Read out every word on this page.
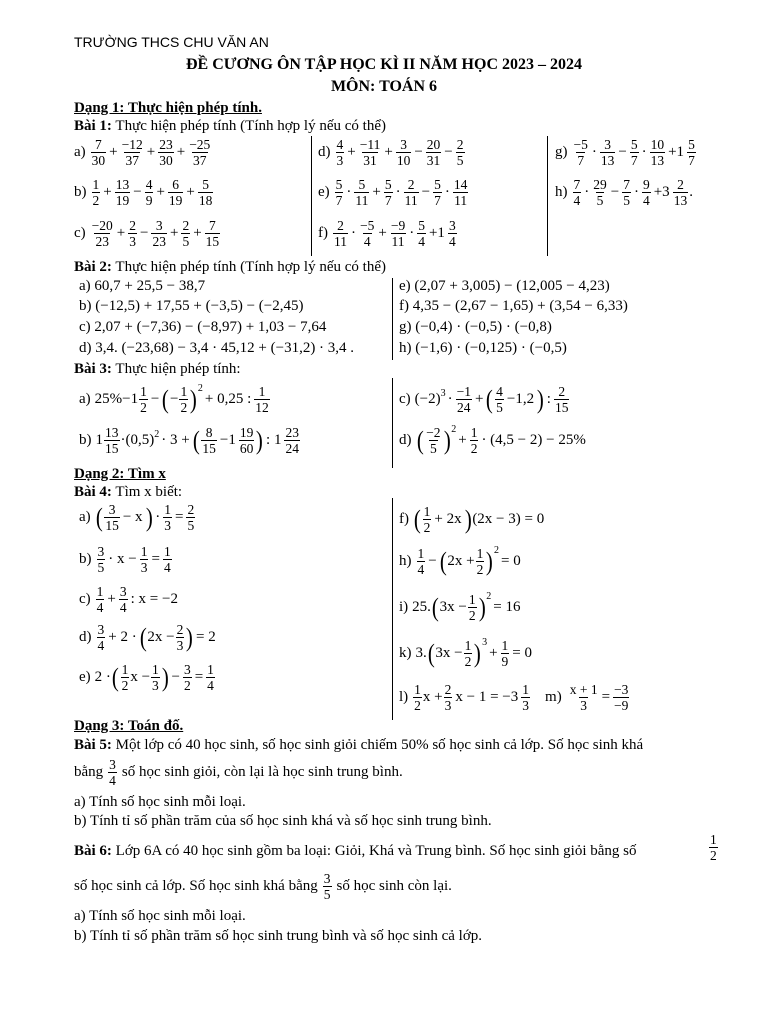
TRƯỜNG THCS CHU VĂN AN
ĐỀ CƯƠNG ÔN TẬP HỌC KÌ II NĂM HỌC 2023 – 2024
MÔN: TOÁN 6
Dạng 1: Thực hiện phép tính.
Bài 1: Thực hiện phép tính (Tính hợp lý nếu có thể)
a) 7
30
+ $\frac{-12}{37} + \frac{23}{30} + \frac{-25}{37}$
b) 1
2
+ $\frac{13}{19} - \frac{4}{9} + \frac{6}{19} + \frac{5}{18}$
c) −20
23
+ $\frac{2}{3} - \frac{3}{23} + \frac{2}{5} + \frac{7}{15}$
d) 4
3
+ $\frac{-11}{31} + \frac{3}{10} - \frac{20}{31} - \frac{2}{5}$
e) 5
7
· 5
11
+ $\frac{5}{7} \cdot 2$
11
− $\frac{5}{7} \cdot 14$
11
f) 2
11
· −5
4
+ $\frac{-9}{11} \cdot 5$
4
+1 3
4
g) −5
7
· 3
13
− $\frac{5}{7} \cdot 10$
13
+1 5
7
h) 7
4
· 29
5
− $\frac{7}{5} \cdot 9$
4
+3 2
13
.
Bài 2: Thực hiện phép tính (Tính hợp lý nếu có thể)
a) 60,7 + 25,5 − 38,7
b) (−12,5) + 17,55 + (−3,5) − (−2,45)
c) 2,07 + (−7,36) − (−8,97) + 1,03 − 7,64
d) 3,4. (−23,68) − 3,4 · 45,12 + (−31,2) · 3,4 .
e) (2,07 + 3,005) − (12,005 − 4,23)
f) 4,35 − (2,67 − 1,65) + (3,54 − 6,33)
g) (−0,4) · (−0,5) · (−0,8)
h) (−1,6) · (−0,125) · (−0,5)
Bài 3: Thực hiện phép tính:
a) 25%−1 1
2
− ( − $\frac{1}{2} )^2$
+ 0,25 : 1
12
b) 1 13
15
$\cdot(0,5)^2 \cdot 3$ + ( 8
15
−1 19
60 ) : 1 23
24
c) $(-2)^3 \cdot -1$
24
+ ( 4
5
−1,2 ) : 2
15
d) ( −2
5 )$^2$
+ $\frac{1}{2} \cdot (4,5 - 2) - 25\%$
Dạng 2: Tìm x
Bài 4: Tìm x biết:
a) ( 3
15
− x ) · $\frac{1}{3} = \frac{2}{5}$
b) 3
5
· $x - \frac{1}{3} = \frac{1}{4}$
c) 1
4
+ $\frac{3}{4}$ : x = −2
d) 3
4
+ 2 · ( $2x - \frac{2}{3}$ ) = 2
e) 2 · ( 1
2
$x - \frac{1}{3}$ ) − $\frac{3}{2} = \frac{1}{4}$
f) ( 1
2
+ 2x ) (2x − 3) = 0
h) 1
4
− ( $2x + \frac{1}{2} )^2$
= 0
i) 25. ( $3x - \frac{1}{2} )^2$
= 16
k) 3. ( $3x - \frac{1}{2} )^3$
+ $\frac{1}{9} = 0$
l) 1
2
$x + \frac{2}{3}$ x − 1 = −3 1
3
$m) \frac{x + 1}{3} = \frac{-3}{-9}$
Dạng 3: Toán đố.
Bài 5: Một lớp có 40 học sinh, số học sinh giỏi chiếm 50% số học sinh cả lớp. Số học sinh khá
bằng 3
4
số học sinh giỏi, còn lại là học sinh trung bình.
a) Tính số học sinh mỗi loại.
b) Tính tỉ số phần trăm của số học sinh khá và số học sinh trung bình.
Bài 6: Lớp 6A có 40 học sinh gồm ba loại: Giỏi, Khá và Trung bình. Số học sinh giỏi bằng số	$\frac{1}{2}$
số học sinh cả lớp. Số học sinh khá bằng 3
5
số học sinh còn lại.
a) Tính số học sinh mỗi loại.
b) Tính tỉ số phần trăm số học sinh trung bình và số học sinh cả lớp.
